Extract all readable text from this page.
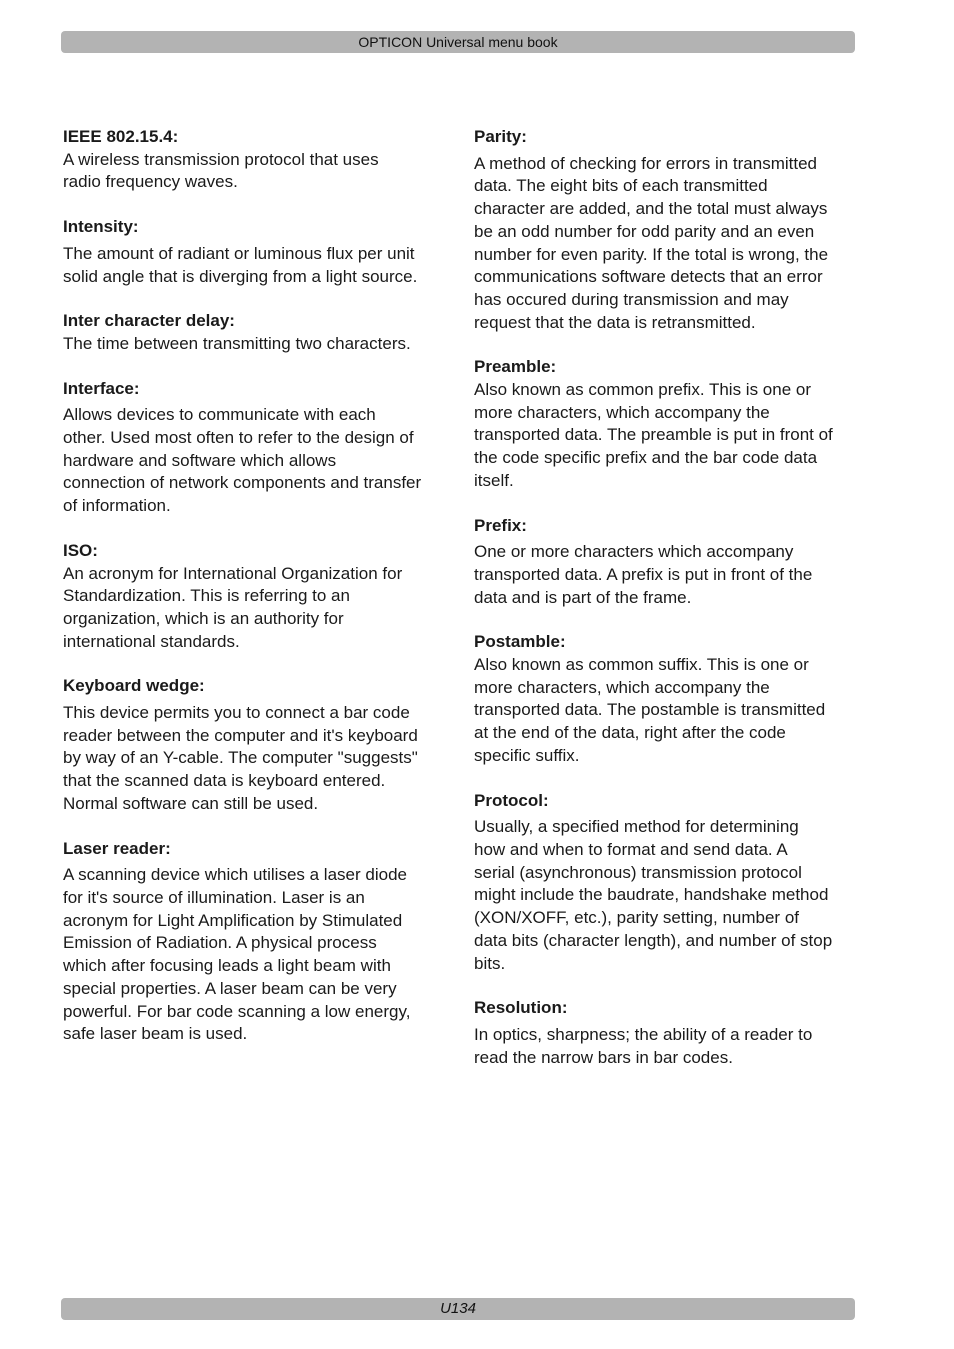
OPTICON Universal menu book

IEEE 802.15.4:

A wireless transmission protocol that uses

radio frequency waves.

Intensity:

The amount of radiant or luminous flux per unit

solid angle that is diverging from a light source.

Inter character delay:

The time between transmitting two characters.

Interface:

Allows devices to communicate with each

other. Used most often to refer to the design of

hardware and software which allows

connection of network components and transfer

of information.

ISO:

An acronym for International Organization for

Standardization. This is referring to an

organization, which is an authority for

international standards.

Keyboard wedge:

This device permits you to connect a bar code

reader between the computer and it's keyboard

by way of an Y-cable. The computer "suggests"

that the scanned data is keyboard entered.

Normal software can still be used.

Laser reader:

A scanning device which utilises a laser diode

for it's source of illumination. Laser is an

acronym for Light Amplification by Stimulated

Emission of Radiation. A physical process

which after focusing leads a light beam with

special properties. A laser beam can be very

powerful. For bar code scanning a low energy,

safe laser beam is used.

Parity:

A method of checking for errors in transmitted

data. The eight bits of each transmitted

character are added, and the total must always

be an odd number for odd parity and an even

number for even parity. If the total is wrong, the

communications software detects that an error

has occured during transmission and may

request that the data is retransmitted.

Preamble:

Also known as common prefix. This is one or

more characters, which accompany the

transported data. The preamble is put in front of

the code specific prefix and the bar code data

itself.

Prefix:

One or more characters which accompany

transported data. A prefix is put in front of the

data and is part of the frame.

Postamble:

Also known as common suffix. This is one or

more characters, which accompany the

transported data. The postamble is transmitted

at the end of the data, right after the code

specific suffix.

Protocol:

Usually, a specified method for determining

how and when to format and send data. A

serial (asynchronous) transmission protocol

might include the baudrate, handshake method

(XON/XOFF, etc.), parity setting, number of

data bits (character length), and number of stop

bits.

Resolution:

In optics, sharpness; the ability of a reader to

read the narrow bars in bar codes.

U134
